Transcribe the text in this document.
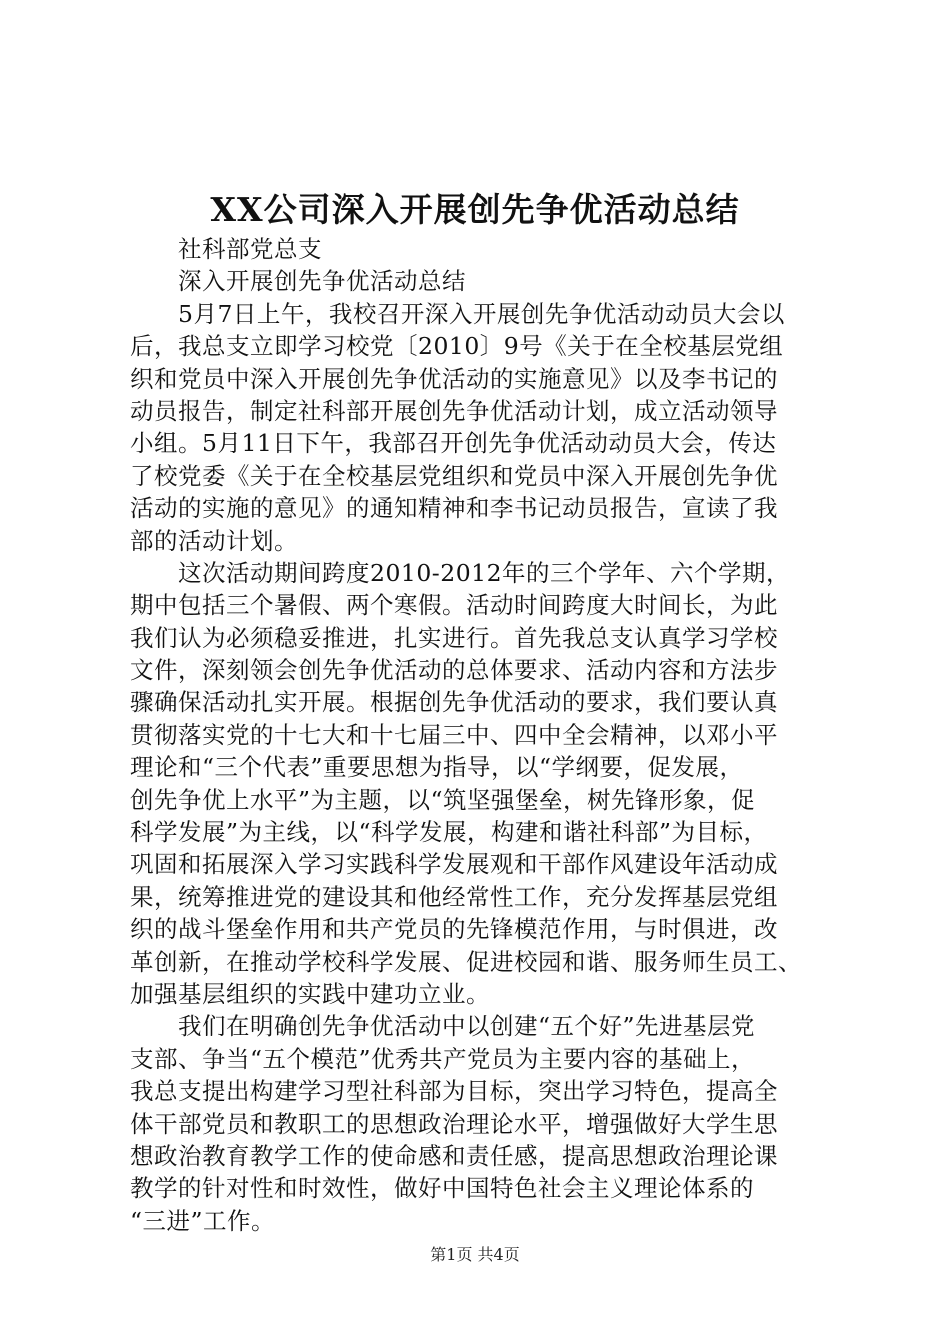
XX公司深入开展创先争优活动总结
社科部党总支
深入开展创先争优活动总结
5月7日上午，我校召开深入开展创先争优活动动员大会以
后，我总支立即学习校党〔2010〕9号《关于在全校基层党组
织和党员中深入开展创先争优活动的实施意见》以及李书记的
动员报告，制定社科部开展创先争优活动计划，成立活动领导
小组。5月11日下午，我部召开创先争优活动动员大会，传达
了校党委《关于在全校基层党组织和党员中深入开展创先争优
活动的实施的意见》的通知精神和李书记动员报告，宣读了我
部的活动计划。
这次活动期间跨度2010-2012年的三个学年、六个学期，
期中包括三个暑假、两个寒假。活动时间跨度大时间长，为此
我们认为必须稳妥推进，扎实进行。首先我总支认真学习学校
文件，深刻领会创先争优活动的总体要求、活动内容和方法步
骤确保活动扎实开展。根据创先争优活动的要求，我们要认真
贯彻落实党的十七大和十七届三中、四中全会精神，以邓小平
理论和“三个代表”重要思想为指导，以“学纲要，促发展，
创先争优上水平”为主题，以“筑坚强堡垒，树先锋形象，促
科学发展”为主线，以“科学发展，构建和谐社科部”为目标，
巩固和拓展深入学习实践科学发展观和干部作风建设年活动成
果，统筹推进党的建设其和他经常性工作，充分发挥基层党组
织的战斗堡垒作用和共产党员的先锋模范作用，与时俱进，改
革创新，在推动学校科学发展、促进校园和谐、服务师生员工、
加强基层组织的实践中建功立业。
我们在明确创先争优活动中以创建“五个好”先进基层党
支部、争当“五个模范”优秀共产党员为主要内容的基础上，
我总支提出构建学习型社科部为目标，突出学习特色，提高全
体干部党员和教职工的思想政治理论水平，增强做好大学生思
想政治教育教学工作的使命感和责任感，提高思想政治理论课
教学的针对性和时效性，做好中国特色社会主义理论体系的
“三进”工作。
第1页 共4页
